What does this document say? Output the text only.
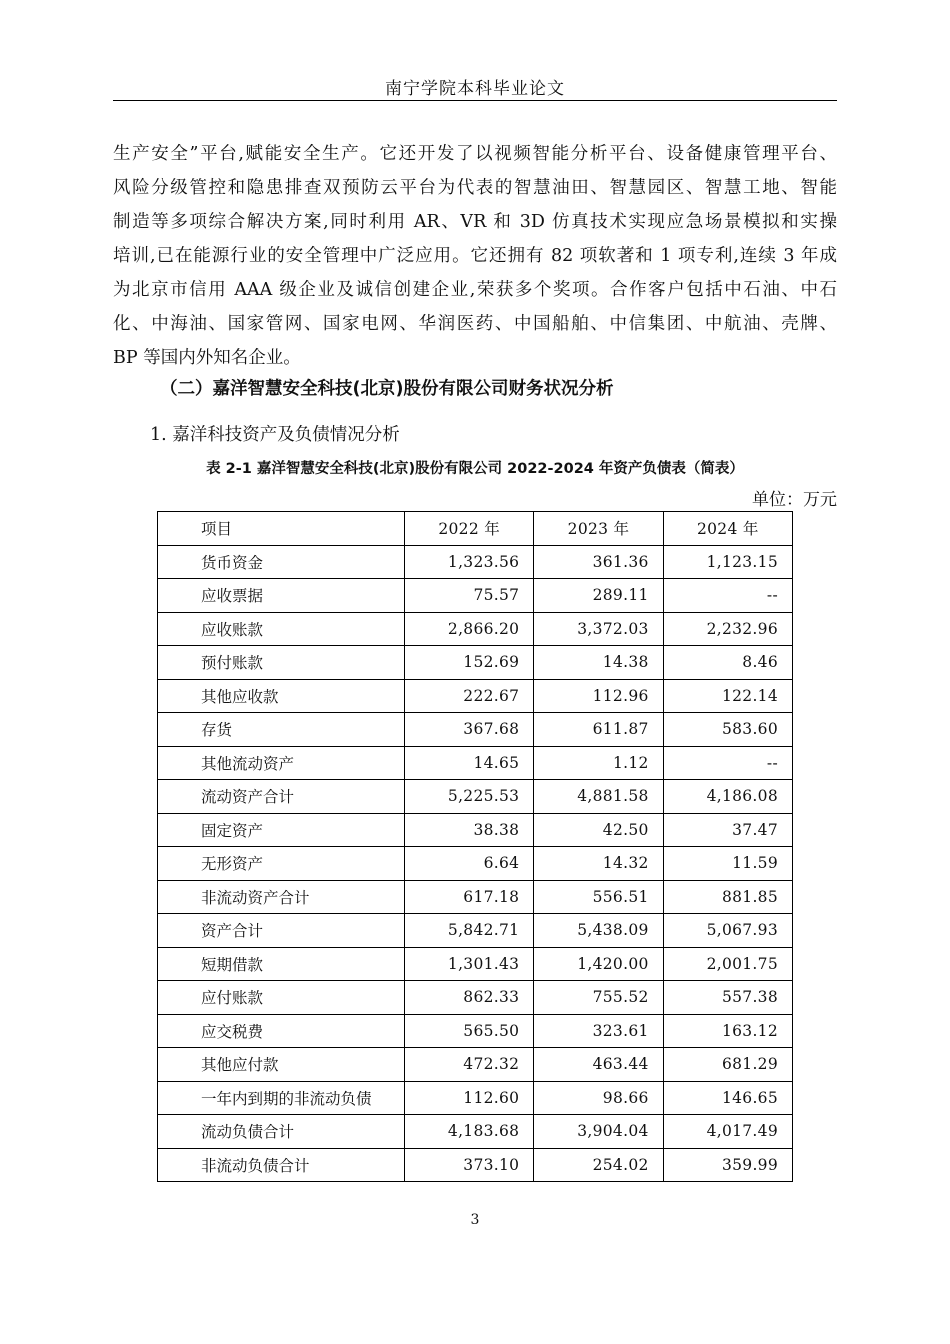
南宁学院本科毕业论文
生产安全”平台,赋能安全生产。它还开发了以视频智能分析平台、设备健康管理平台、
风险分级管控和隐患排查双预防云平台为代表的智慧油田、智慧园区、智慧工地、智能
制造等多项综合解决方案,同时利用 AR、VR 和 3D 仿真技术实现应急场景模拟和实操
培训,已在能源行业的安全管理中广泛应用。它还拥有 82 项软著和 1 项专利,连续 3 年成
为北京市信用 AAA 级企业及诚信创建企业,荣获多个奖项。合作客户包括中石油、中石
化、中海油、国家管网、国家电网、华润医药、中国船舶、中信集团、中航油、壳牌、
BP 等国内外知名企业。
（二）嘉洋智慧安全科技(北京)股份有限公司财务状况分析
1. 嘉洋科技资产及负债情况分析
表 2-1 嘉洋智慧安全科技(北京)股份有限公司 2022-2024 年资产负债表（简表）
单位：万元
项目	2022 年	2023 年	2024 年
货币资金	1,323.56	361.36	1,123.15
应收票据	75.57	289.11	--
应收账款	2,866.20	3,372.03	2,232.96
预付账款	152.69	14.38	8.46
其他应收款	222.67	112.96	122.14
存货	367.68	611.87	583.60
其他流动资产	14.65	1.12	--
流动资产合计	5,225.53	4,881.58	4,186.08
固定资产	38.38	42.50	37.47
无形资产	6.64	14.32	11.59
非流动资产合计	617.18	556.51	881.85
资产合计	5,842.71	5,438.09	5,067.93
短期借款	1,301.43	1,420.00	2,001.75
应付账款	862.33	755.52	557.38
应交税费	565.50	323.61	163.12
其他应付款	472.32	463.44	681.29
一年内到期的非流动负债	112.60	98.66	146.65
流动负债合计	4,183.68	3,904.04	4,017.49
非流动负债合计	373.10	254.02	359.99
3
